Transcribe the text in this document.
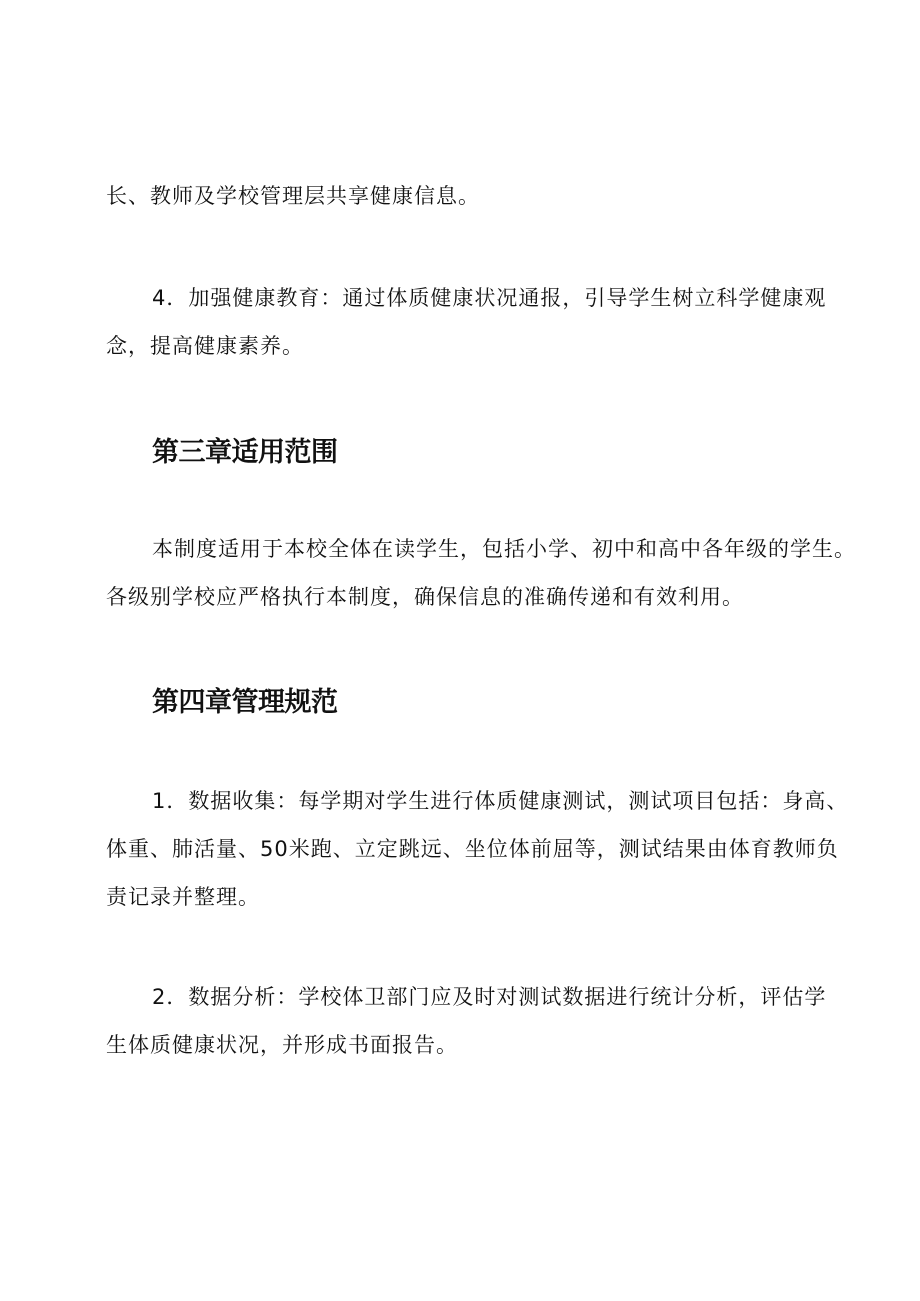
长、教师及学校管理层共享健康信息。
4．加强健康教育：通过体质健康状况通报，引导学生树立科学健康观
念，提高健康素养。
第三章适用范围
本制度适用于本校全体在读学生，包括小学、初中和高中各年级的学生。
各级别学校应严格执行本制度，确保信息的准确传递和有效利用。
第四章管理规范
1．数据收集：每学期对学生进行体质健康测试，测试项目包括：身高、
体重、肺活量、50米跑、立定跳远、坐位体前屈等，测试结果由体育教师负
责记录并整理。
2．数据分析：学校体卫部门应及时对测试数据进行统计分析，评估学
生体质健康状况，并形成书面报告。
